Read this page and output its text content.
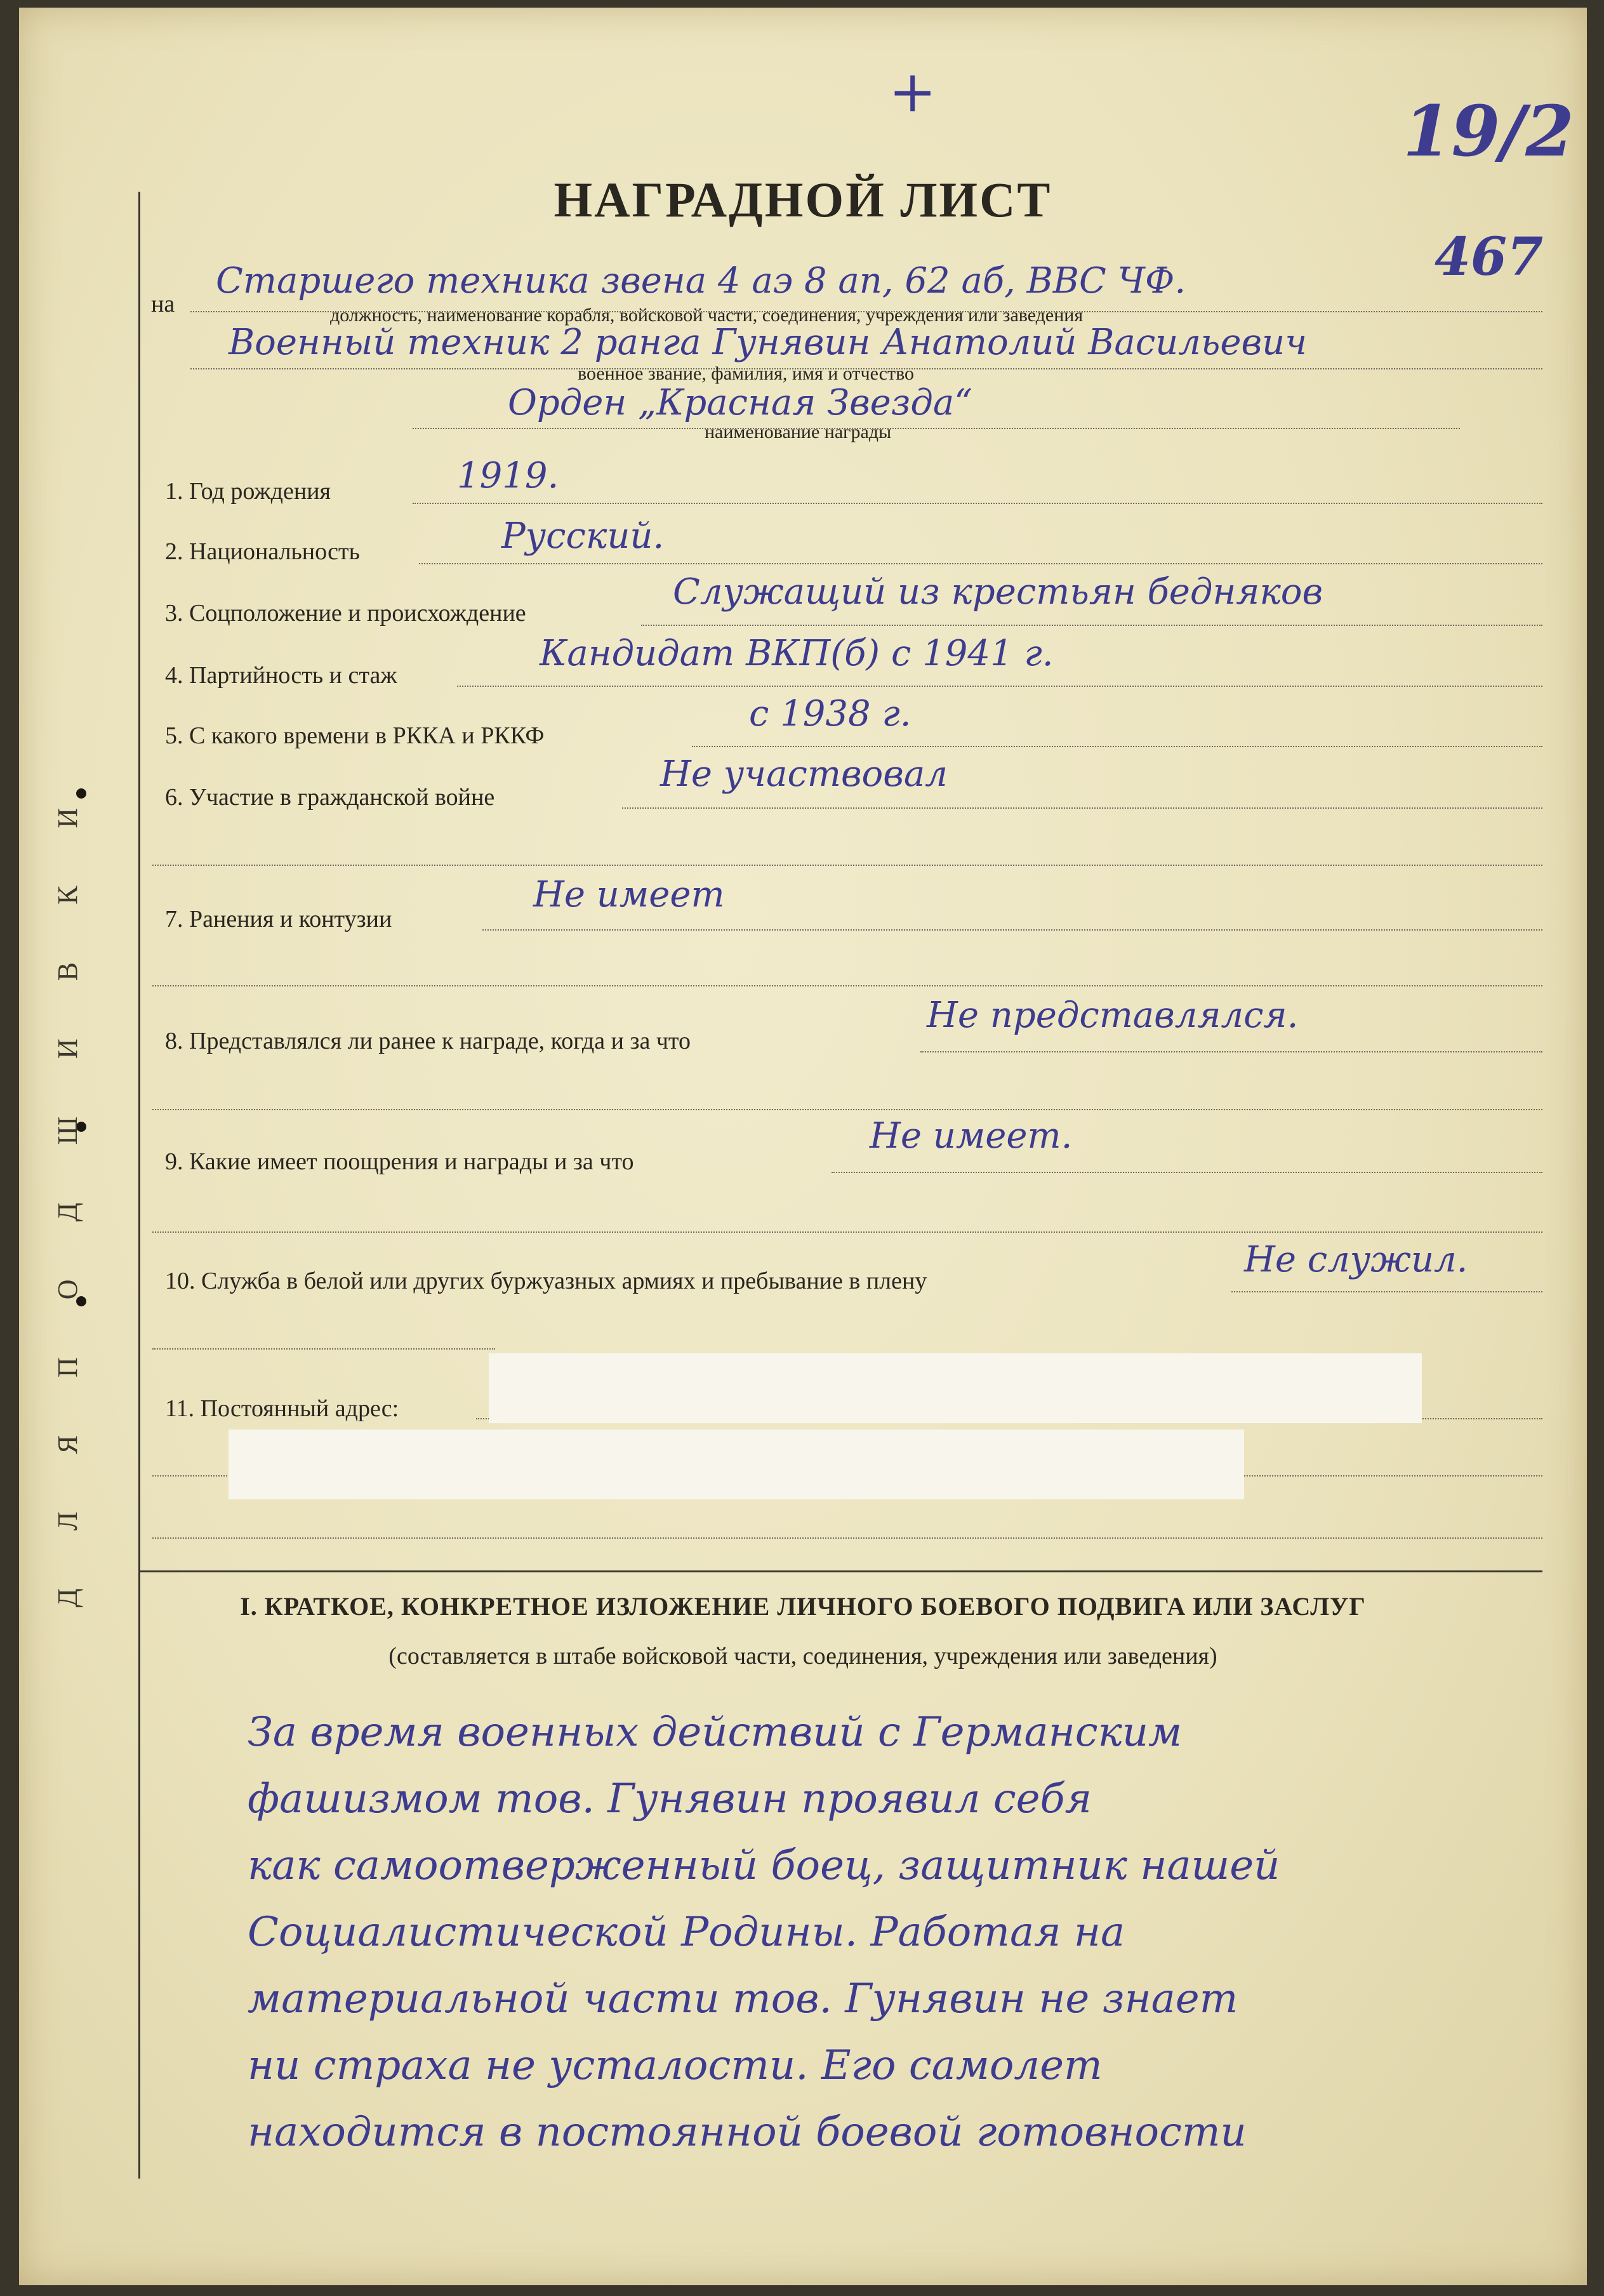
Д Л Я П О Д Ш И В К И
+	19/2
467
НАГРАДНОЙ ЛИСТ
на
Старшего техника звена 4 аэ 8 ап, 62 аб, ВВС ЧФ.
должность, наименование корабля, войсковой части, соединения, учреждения или заведения
Военный техник 2 ранга Гунявин Анатолий Васильевич
военное звание, фамилия, имя и отчество
Орден „Красная Звезда“
наименование награды
1. Год рождения	1919.
2. Национальность	Русский.
3. Соцположение и происхождение
Служащий из крестьян бедняков
4. Партийность и стаж
Кандидат ВКП(б) с 1941 г.
5. С какого времени в РККА и РККФ
с 1938 г.
6. Участие в гражданской войне
Не участвовал
7. Ранения и контузии
Не имеет
8. Представлялся ли ранее к награде, когда и за что
Не представлялся.
9. Какие имеет поощрения и награды и за что
Не имеет.
10. Служба в белой или других буржуазных армиях и пребывание в плену
Не служил.
11. Постоянный адрес:
I. КРАТКОЕ, КОНКРЕТНОЕ ИЗЛОЖЕНИЕ ЛИЧНОГО БОЕВОГО ПОДВИГА ИЛИ ЗАСЛУГ
(составляется в штабе войсковой части, соединения, учреждения или заведения)
За время военных действий с Германским
фашизмом тов. Гунявин проявил себя
как самоотверженный боец, защитник нашей
Социалистической Родины. Работая на
материальной части тов. Гунявин не знает
ни страха не усталости. Его самолет
находится в постоянной боевой готовности
